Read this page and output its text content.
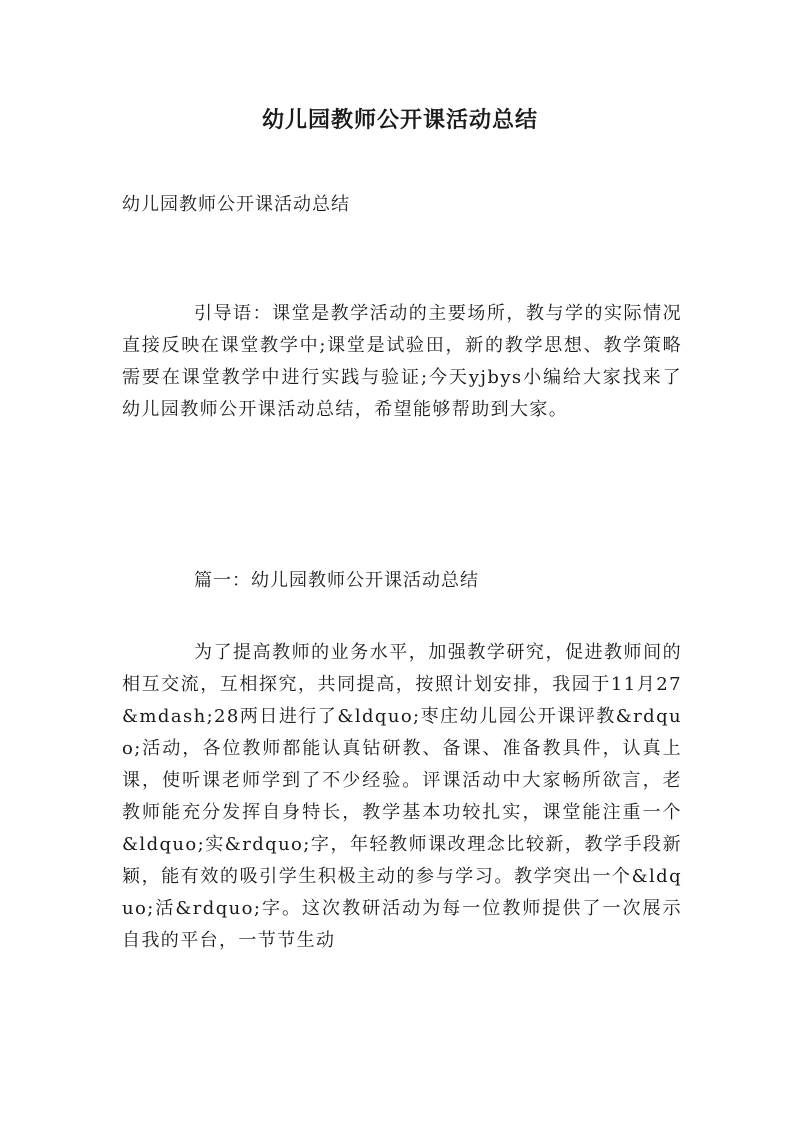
幼儿园教师公开课活动总结

幼儿园教师公开课活动总结

引导语：课堂是教学活动的主要场所，教与学的实际情况直接反映在课堂教学中;课堂是试验田，新的教学思想、教学策略需要在课堂教学中进行实践与验证;今天yjbys小编给大家找来了幼儿园教师公开课活动总结，希望能够帮助到大家。

篇一：幼儿园教师公开课活动总结

为了提高教师的业务水平，加强教学研究，促进教师间的相互交流，互相探究，共同提高，按照计划安排，我园于11月27&mdash;28两日进行了&ldquo;枣庄幼儿园公开课评教&rdquo;活动，各位教师都能认真钻研教、备课、准备教具件，认真上课，使听课老师学到了不少经验。评课活动中大家畅所欲言，老教师能充分发挥自身特长，教学基本功较扎实，课堂能注重一个&ldquo;实&rdquo;字，年轻教师课改理念比较新，教学手段新颖，能有效的吸引学生积极主动的参与学习。教学突出一个&ldquo;活&rdquo;字。这次教研活动为每一位教师提供了一次展示自我的平台，一节节生动
